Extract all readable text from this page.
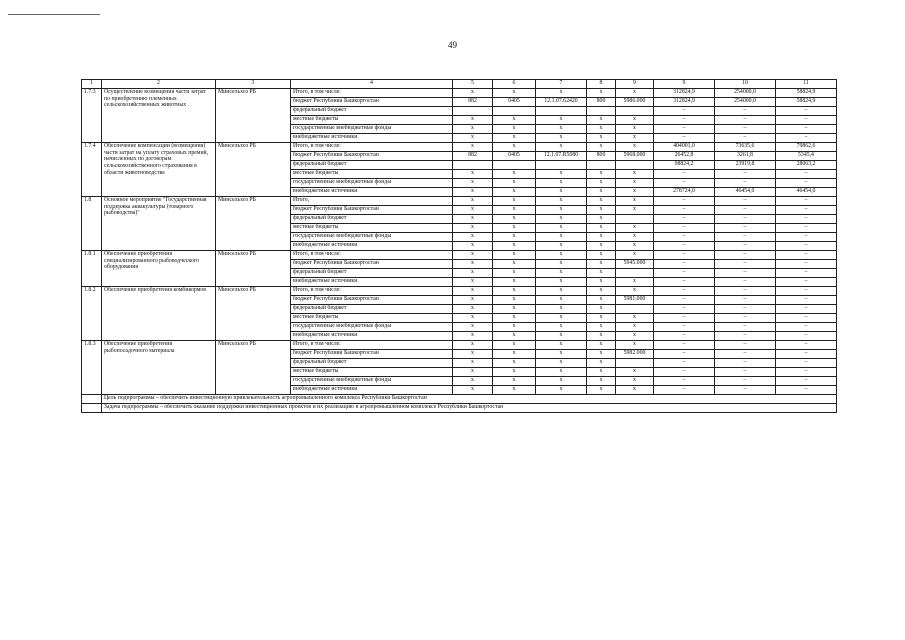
49
1	2	3	4	5	6	7	8	9	9	10	11
1.7.3	Осуществление возмещения части затрат по приобретению племенных сельскохозяйственных животных	Минсельхоз РБ	Итого, в том числе:	x	x	x	x	x	312824,9	254000,0	58824,9
			бюджет Республики Башкортостан	882	0405	12.1.07.62420	800	5986.000	312824,9	254000,0	58824,9
			федеральный бюджет						–	–	–
			местные бюджеты	x	x	x	x	x	–	–	–
			государственные внебюджетные фонды	x	x	x	x	x	–	–	–
			внебюджетные источники	x	x	x	x	x	–	–	–
1.7.4	Обеспечение компенсации (возмещения) части затрат на уплату страховых премий, начисленных по договорам сельскохозяйственного страхования в области животноводства	Минсельхоз РБ	Итого, в том числе:	x	x	x	x	x	404001,0	73635,6	79862,6
			бюджет Республики Башкортостан	882	0405	12.1.07.R5080	800	5968.000	26452,8	3261,8	5345,4
			федеральный бюджет						98824,2	23919,8	28063,2
			местные бюджеты	x	x	x	x	x	–	–	–
			государственные внебюджетные фонды	x	x	x	x	x	–	–	–
			внебюджетные источники	x	x	x	x	x	278724,0	46454,0	46454,0
1.8	Основное мероприятие "Государственная поддержка аквакультуры (товарного рыбоводства)"	Минсельхоз РБ	Итого,	x	x	x	x	x	–	–	–
			бюджет Республики Башкортостан	x	x	x	x	x	–	–	–
			федеральный бюджет	x	x	x	x		–	–	–
			местные бюджеты	x	x	x	x	x	–	–	–
			государственные внебюджетные фонды	x	x	x	x	x	–	–	–
			внебюджетные источники	x	x	x	x	x	–	–	–
1.8.1	Обеспечение приобретения специализированного рыбоводческого оборудования	Минсельхоз РБ	Итого, в том числе:	x	x	x	x	x	–	–	–
			бюджет Республики Башкортостан	x	x	x	x	5945.000	–	–	–
			федеральный бюджет	x	x	x	x		–	–	–
			внебюджетные источники	x	x	x	x	x	–	–	–
1.8.2	Обеспечение приобретения комбикормов	Минсельхоз РБ	Итого, в том числе:	x	x	x	x	x	–	–	–
			бюджет Республики Башкортостан	x	x	x	x	5981.000	–	–	–
			федеральный бюджет	x	x	x	x		–	–	–
			местные бюджеты	x	x	x	x	x	–	–	–
			государственные внебюджетные фонды	x	x	x	x	x	–	–	–
			внебюджетные источники	x	x	x	x	x	–	–	–
1.8.3	Обеспечение приобретения рыбопосадочного материала	Минсельхоз РБ	Итого, в том числе:	x	x	x	x	x	–	–	–
			бюджет Республики Башкортостан	x	x	x	x	5982.000	–	–	–
			федеральный бюджет	x	x	x	x		–	–	–
			местные бюджеты	x	x	x	x	x	–	–	–
			государственные внебюджетные фонды	x	x	x	x	x	–	–	–
			внебюджетные источники	x	x	x	x	x	–	–	–
	Цель подпрограммы – обеспечить инвестиционную привлекательность агропромышленного комплекса Республики Башкортостан										
	Задача подпрограммы – обеспечить оказание поддержки инвестиционных проектов и их реализацию в агропромышленном комплексе Республики Башкортостан										
